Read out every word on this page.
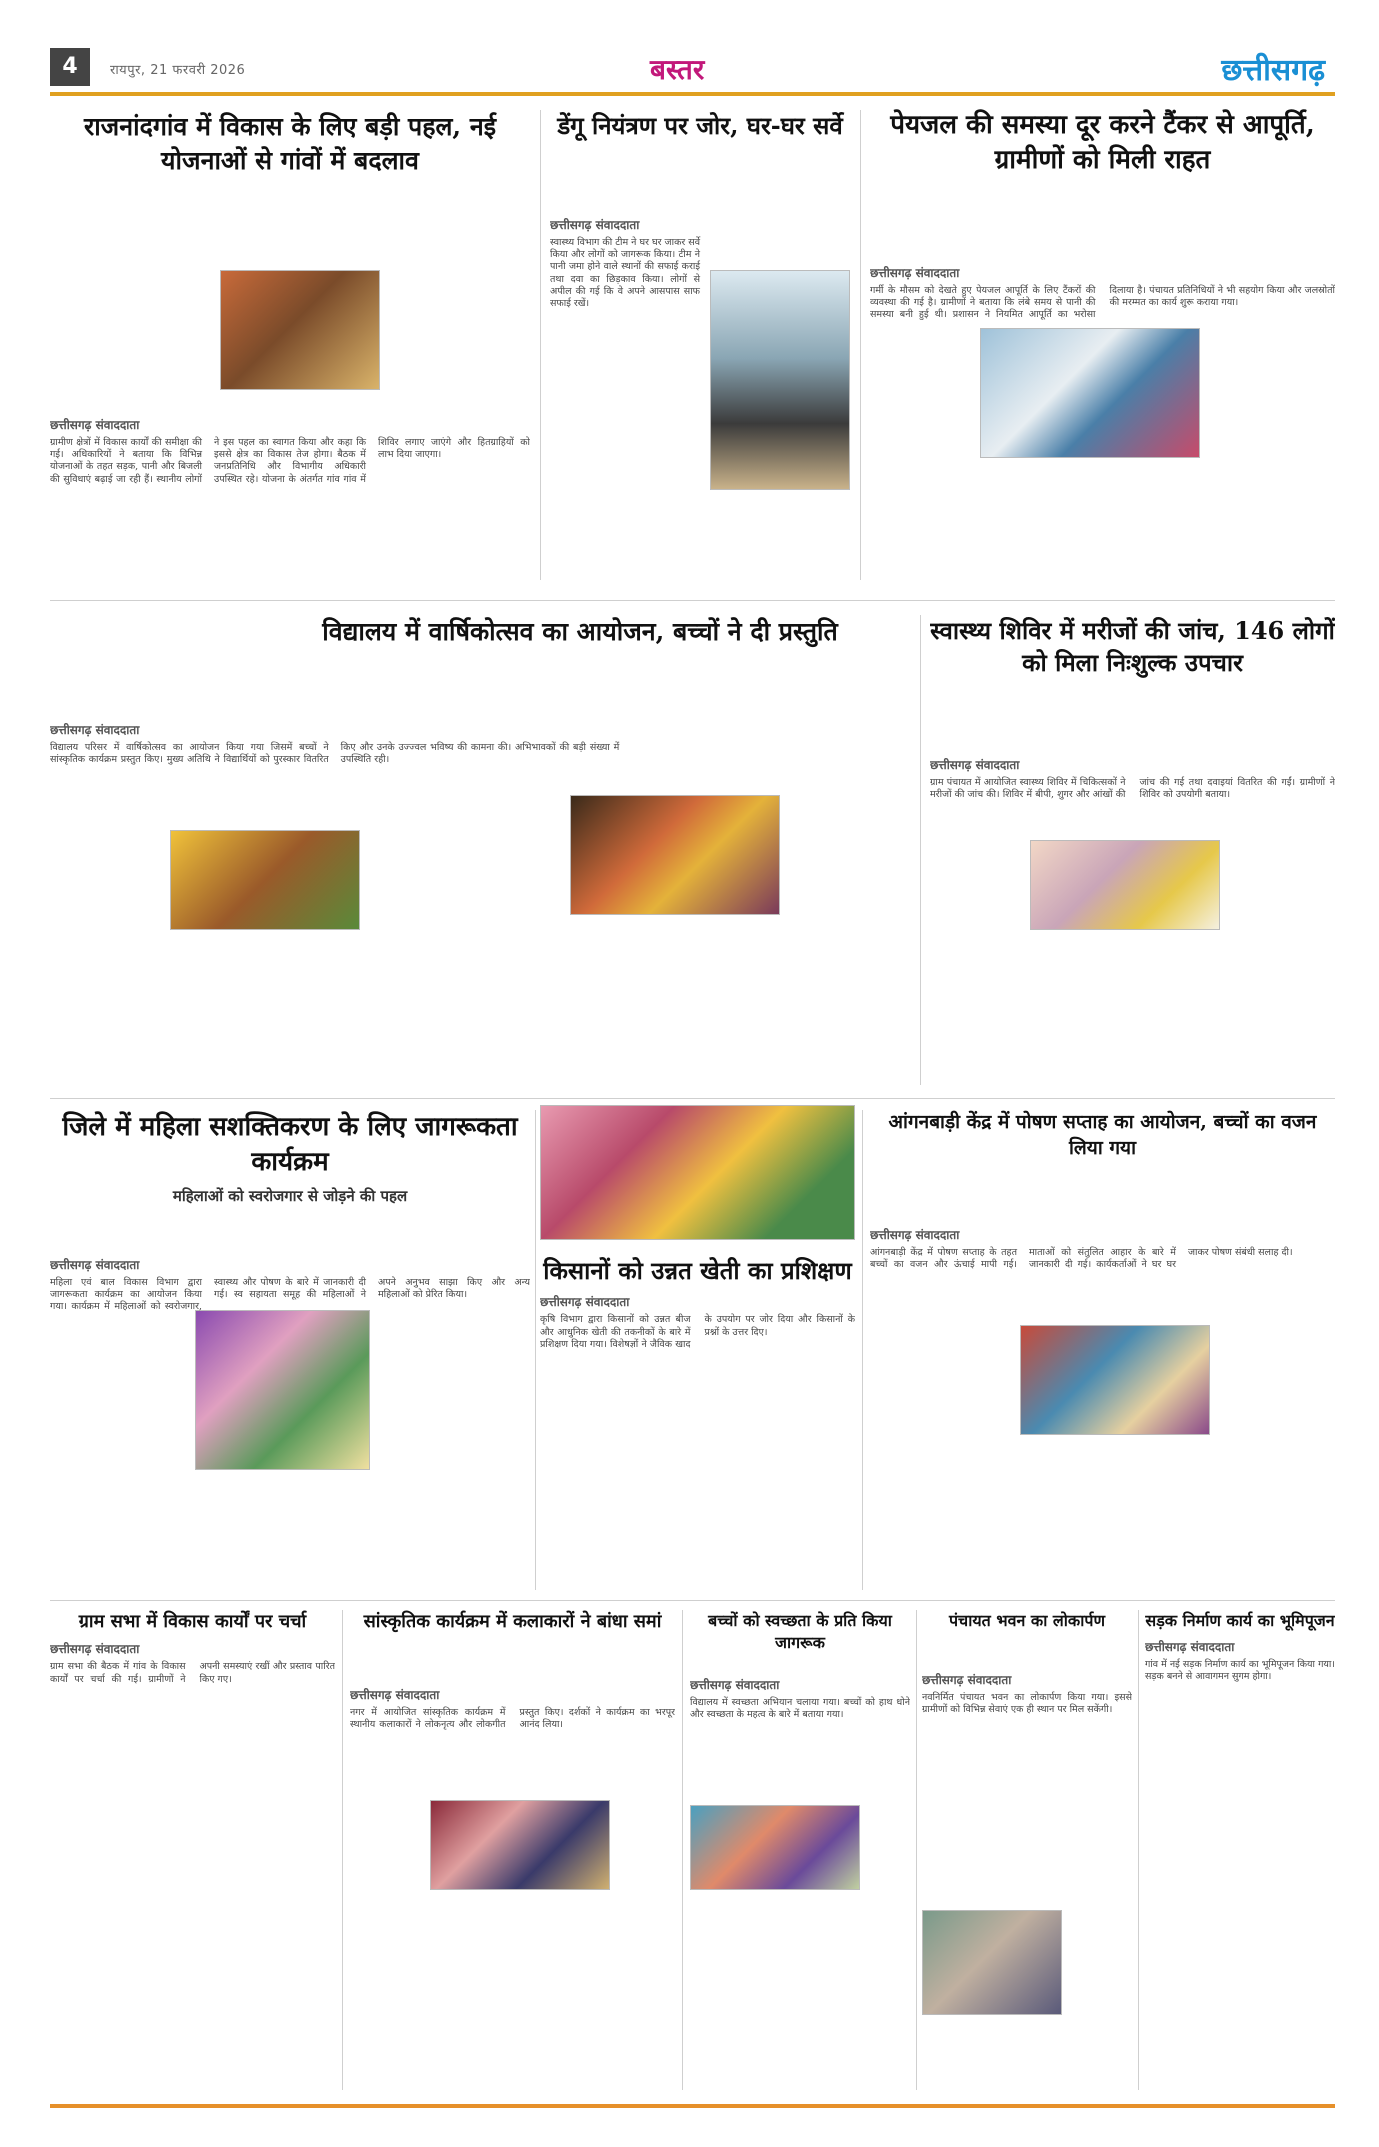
4	रायपुर, 21 फरवरी 2026	बस्तर	छत्तीसगढ़
राजनांदगांव में विकास के लिए बड़ी पहल, नई योजनाओं से गांवों में बदलाव
छत्तीसगढ़ संवाददाता
ग्रामीण क्षेत्रों में विकास कार्यों की समीक्षा की गई। अधिकारियों ने बताया कि विभिन्न योजनाओं के तहत सड़क, पानी और बिजली की सुविधाएं बढ़ाई जा रही हैं। स्थानीय लोगों ने इस पहल का स्वागत किया और कहा कि इससे क्षेत्र का विकास तेज होगा। बैठक में जनप्रतिनिधि और विभागीय अधिकारी उपस्थित रहे। योजना के अंतर्गत गांव गांव में शिविर लगाए जाएंगे और हितग्राहियों को लाभ दिया जाएगा।
डेंगू नियंत्रण पर जोर, घर-घर सर्वे
छत्तीसगढ़ संवाददाता
स्वास्थ्य विभाग की टीम ने घर घर जाकर सर्वे किया और लोगों को जागरूक किया। टीम ने पानी जमा होने वाले स्थानों की सफाई कराई तथा दवा का छिड़काव किया। लोगों से अपील की गई कि वे अपने आसपास साफ सफाई रखें।
पेयजल की समस्या दूर करने टैंकर से आपूर्ति, ग्रामीणों को मिली राहत
छत्तीसगढ़ संवाददाता
गर्मी के मौसम को देखते हुए पेयजल आपूर्ति के लिए टैंकरों की व्यवस्था की गई है। ग्रामीणों ने बताया कि लंबे समय से पानी की समस्या बनी हुई थी। प्रशासन ने नियमित आपूर्ति का भरोसा दिलाया है। पंचायत प्रतिनिधियों ने भी सहयोग किया और जलस्रोतों की मरम्मत का कार्य शुरू कराया गया।
विद्यालय में वार्षिकोत्सव का आयोजन, बच्चों ने दी प्रस्तुति
छत्तीसगढ़ संवाददाता
विद्यालय परिसर में वार्षिकोत्सव का आयोजन किया गया जिसमें बच्चों ने सांस्कृतिक कार्यक्रम प्रस्तुत किए। मुख्य अतिथि ने विद्यार्थियों को पुरस्कार वितरित किए और उनके उज्ज्वल भविष्य की कामना की। अभिभावकों की बड़ी संख्या में उपस्थिति रही।
स्वास्थ्य शिविर में मरीजों की जांच, 146 लोगों को मिला निःशुल्क उपचार
छत्तीसगढ़ संवाददाता
ग्राम पंचायत में आयोजित स्वास्थ्य शिविर में चिकित्सकों ने मरीजों की जांच की। शिविर में बीपी, शुगर और आंखों की जांच की गई तथा दवाइयां वितरित की गईं। ग्रामीणों ने शिविर को उपयोगी बताया।
जिले में महिला सशक्तिकरण के लिए जागरूकता कार्यक्रम
महिलाओं को स्वरोजगार से जोड़ने की पहल
छत्तीसगढ़ संवाददाता
महिला एवं बाल विकास विभाग द्वारा जागरूकता कार्यक्रम का आयोजन किया गया। कार्यक्रम में महिलाओं को स्वरोजगार, स्वास्थ्य और पोषण के बारे में जानकारी दी गई। स्व सहायता समूह की महिलाओं ने अपने अनुभव साझा किए और अन्य महिलाओं को प्रेरित किया।
किसानों को उन्नत खेती का प्रशिक्षण
छत्तीसगढ़ संवाददाता
कृषि विभाग द्वारा किसानों को उन्नत बीज और आधुनिक खेती की तकनीकों के बारे में प्रशिक्षण दिया गया। विशेषज्ञों ने जैविक खाद के उपयोग पर जोर दिया और किसानों के प्रश्नों के उत्तर दिए।
आंगनबाड़ी केंद्र में पोषण सप्ताह का आयोजन, बच्चों का वजन लिया गया
छत्तीसगढ़ संवाददाता
आंगनबाड़ी केंद्र में पोषण सप्ताह के तहत बच्चों का वजन और ऊंचाई मापी गई। माताओं को संतुलित आहार के बारे में जानकारी दी गई। कार्यकर्ताओं ने घर घर जाकर पोषण संबंधी सलाह दी।
ग्राम सभा में विकास कार्यों पर चर्चा
छत्तीसगढ़ संवाददाता
ग्राम सभा की बैठक में गांव के विकास कार्यों पर चर्चा की गई। ग्रामीणों ने अपनी समस्याएं रखीं और प्रस्ताव पारित किए गए।
सांस्कृतिक कार्यक्रम में कलाकारों ने बांधा समां
छत्तीसगढ़ संवाददाता
नगर में आयोजित सांस्कृतिक कार्यक्रम में स्थानीय कलाकारों ने लोकनृत्य और लोकगीत प्रस्तुत किए। दर्शकों ने कार्यक्रम का भरपूर आनंद लिया।
बच्चों को स्वच्छता के प्रति किया जागरूक
छत्तीसगढ़ संवाददाता
विद्यालय में स्वच्छता अभियान चलाया गया। बच्चों को हाथ धोने और स्वच्छता के महत्व के बारे में बताया गया।
पंचायत भवन का लोकार्पण
छत्तीसगढ़ संवाददाता
नवनिर्मित पंचायत भवन का लोकार्पण किया गया। इससे ग्रामीणों को विभिन्न सेवाएं एक ही स्थान पर मिल सकेंगी।
सड़क निर्माण कार्य का भूमिपूजन
छत्तीसगढ़ संवाददाता
गांव में नई सड़क निर्माण कार्य का भूमिपूजन किया गया। सड़क बनने से आवागमन सुगम होगा।
